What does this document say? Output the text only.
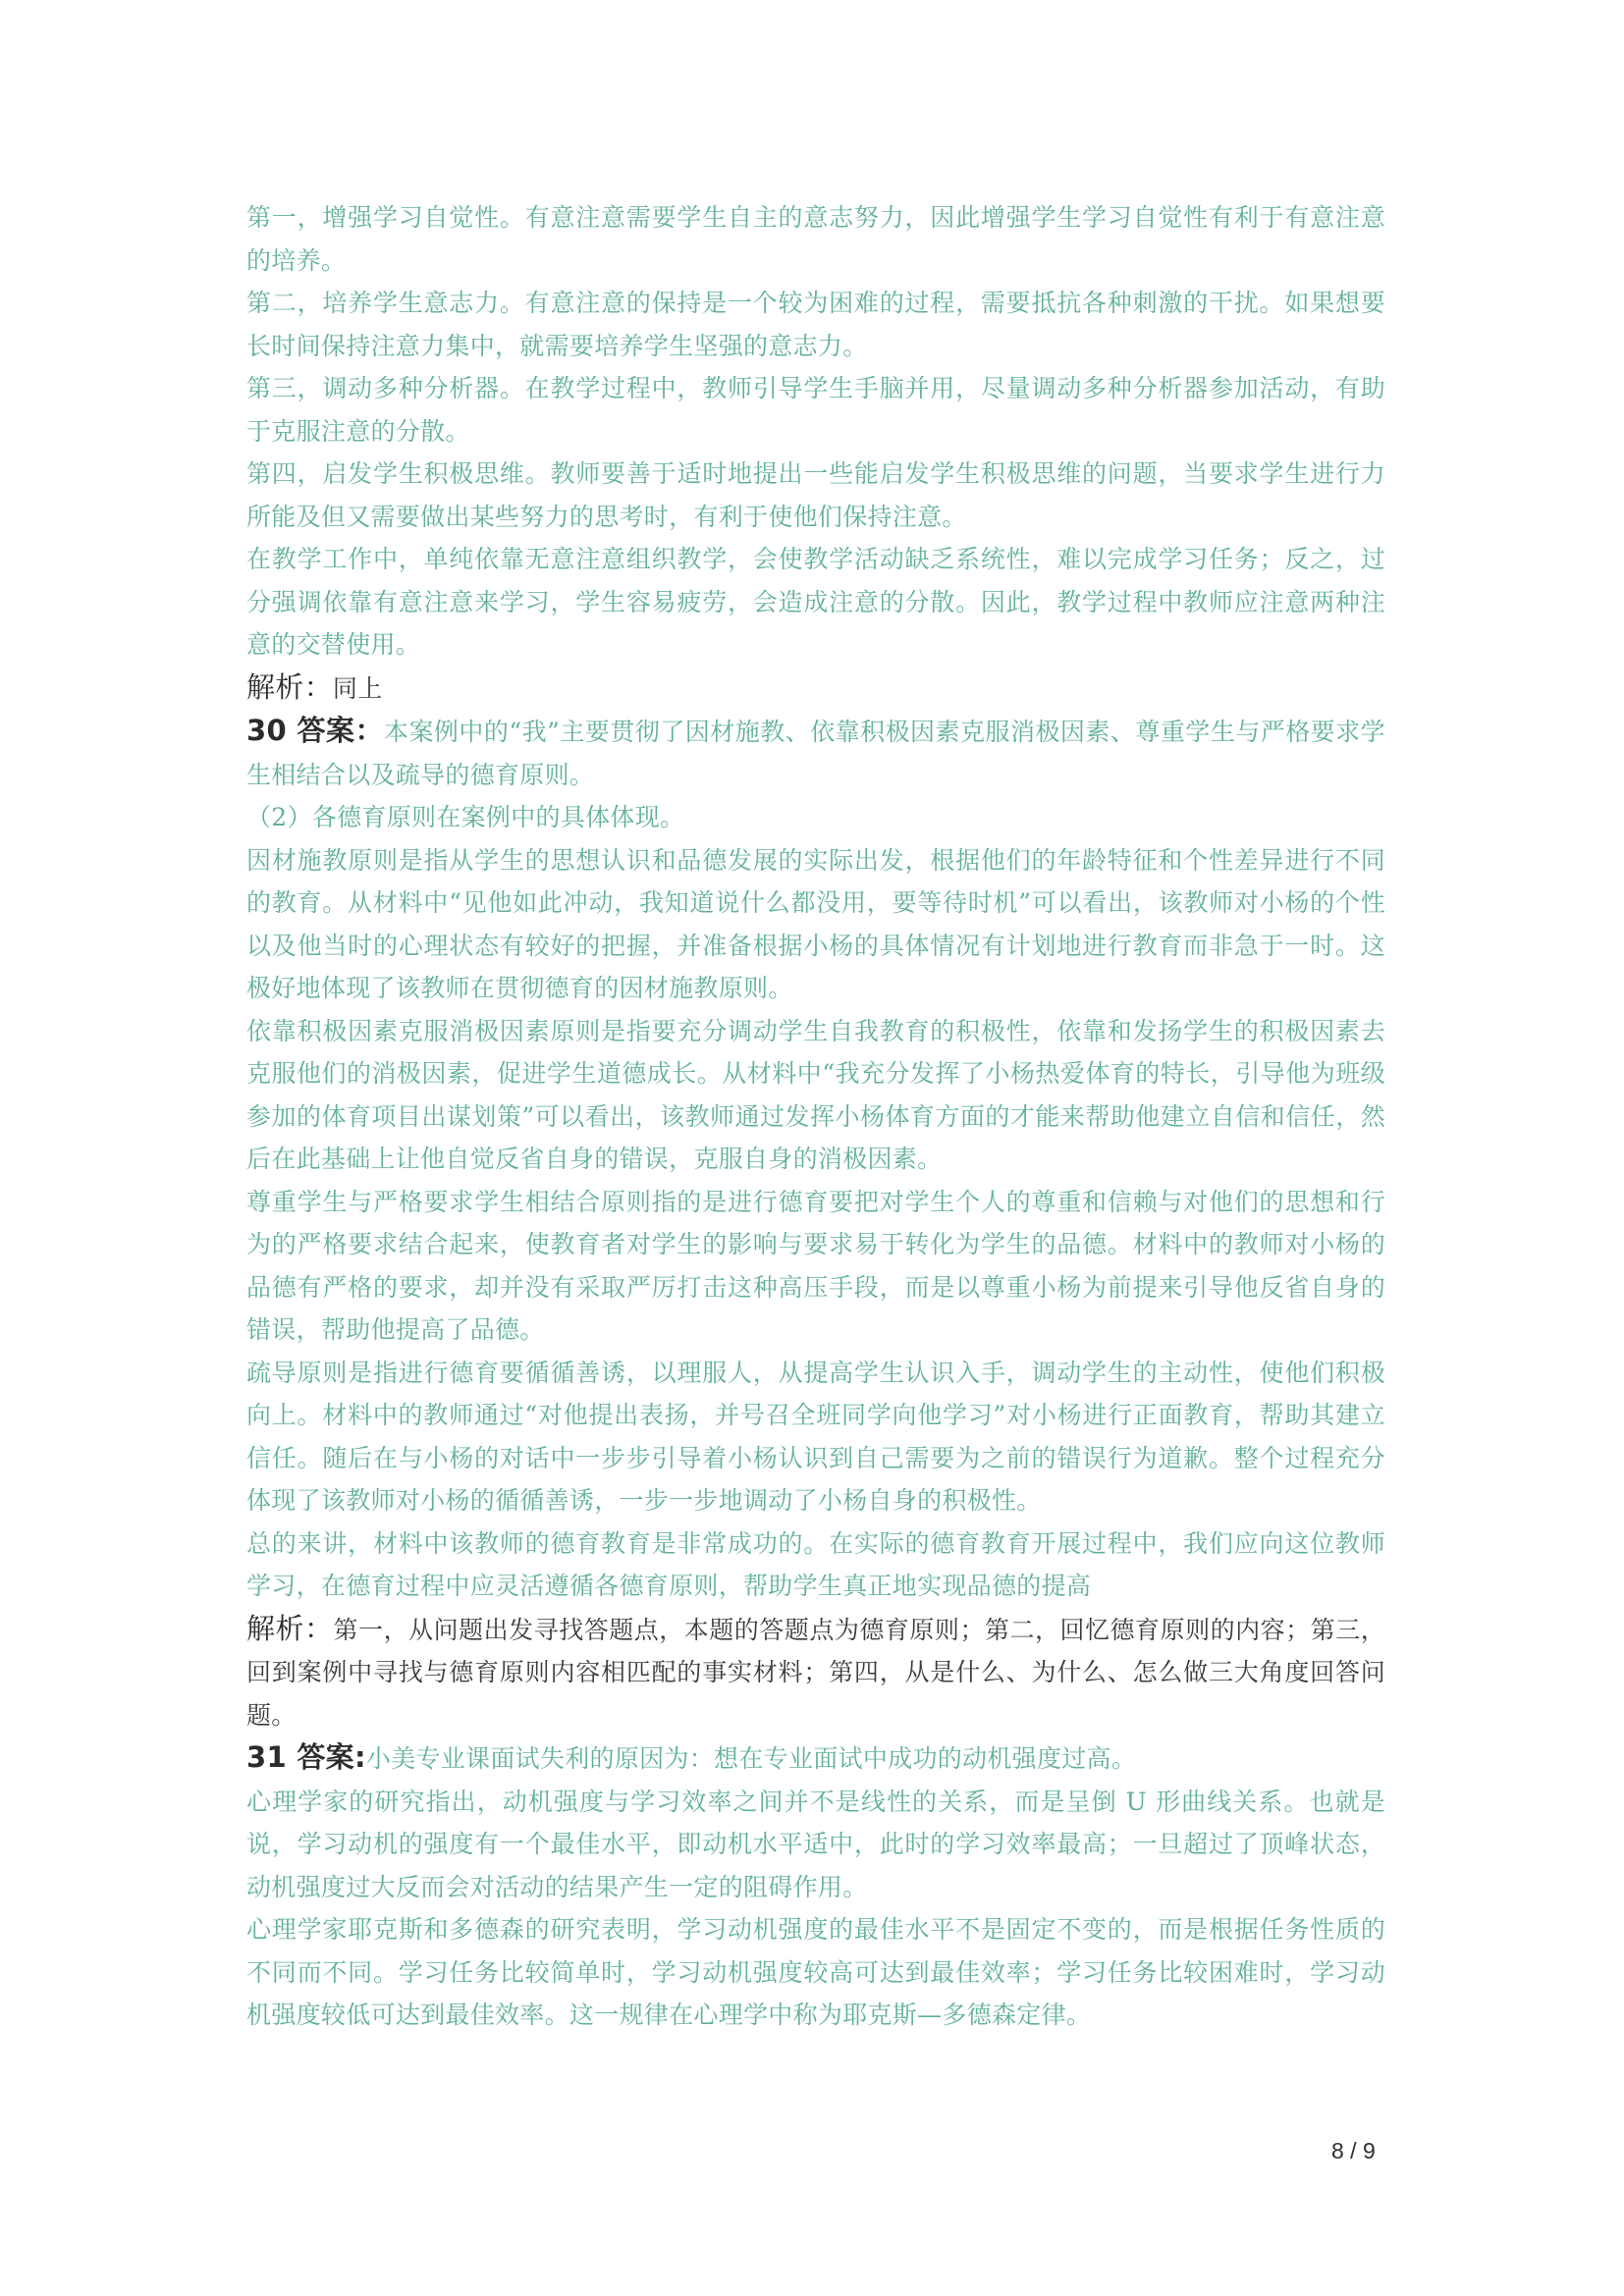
第一，增强学习自觉性。有意注意需要学生自主的意志努力，因此增强学生学习自觉性有利于有意注意的培养。

第二，培养学生意志力。有意注意的保持是一个较为困难的过程，需要抵抗各种刺激的干扰。如果想要长时间保持注意力集中，就需要培养学生坚强的意志力。

第三，调动多种分析器。在教学过程中，教师引导学生手脑并用，尽量调动多种分析器参加活动，有助于克服注意的分散。

第四，启发学生积极思维。教师要善于适时地提出一些能启发学生积极思维的问题，当要求学生进行力所能及但又需要做出某些努力的思考时，有利于使他们保持注意。

在教学工作中，单纯依靠无意注意组织教学，会使教学活动缺乏系统性，难以完成学习任务；反之，过分强调依靠有意注意来学习，学生容易疲劳，会造成注意的分散。因此，教学过程中教师应注意两种注意的交替使用。

解析：同上

30 答案：本案例中的“我”主要贯彻了因材施教、依靠积极因素克服消极因素、尊重学生与严格要求学生相结合以及疏导的德育原则。

（2）各德育原则在案例中的具体体现。

因材施教原则是指从学生的思想认识和品德发展的实际出发，根据他们的年龄特征和个性差异进行不同的教育。从材料中“见他如此冲动，我知道说什么都没用，要等待时机”可以看出，该教师对小杨的个性以及他当时的心理状态有较好的把握，并准备根据小杨的具体情况有计划地进行教育而非急于一时。这极好地体现了该教师在贯彻德育的因材施教原则。

依靠积极因素克服消极因素原则是指要充分调动学生自我教育的积极性，依靠和发扬学生的积极因素去克服他们的消极因素，促进学生道德成长。从材料中“我充分发挥了小杨热爱体育的特长，引导他为班级参加的体育项目出谋划策”可以看出，该教师通过发挥小杨体育方面的才能来帮助他建立自信和信任，然后在此基础上让他自觉反省自身的错误，克服自身的消极因素。

尊重学生与严格要求学生相结合原则指的是进行德育要把对学生个人的尊重和信赖与对他们的思想和行为的严格要求结合起来，使教育者对学生的影响与要求易于转化为学生的品德。材料中的教师对小杨的品德有严格的要求，却并没有采取严厉打击这种高压手段，而是以尊重小杨为前提来引导他反省自身的错误，帮助他提高了品德。

疏导原则是指进行德育要循循善诱，以理服人，从提高学生认识入手，调动学生的主动性，使他们积极向上。材料中的教师通过“对他提出表扬，并号召全班同学向他学习”对小杨进行正面教育，帮助其建立信任。随后在与小杨的对话中一步步引导着小杨认识到自己需要为之前的错误行为道歉。整个过程充分体现了该教师对小杨的循循善诱，一步一步地调动了小杨自身的积极性。

总的来讲，材料中该教师的德育教育是非常成功的。在实际的德育教育开展过程中，我们应向这位教师学习，在德育过程中应灵活遵循各德育原则，帮助学生真正地实现品德的提高

解析：第一，从问题出发寻找答题点，本题的答题点为德育原则；第二，回忆德育原则的内容；第三，回到案例中寻找与德育原则内容相匹配的事实材料；第四，从是什么、为什么、怎么做三大角度回答问题。

31 答案:小美专业课面试失利的原因为：想在专业面试中成功的动机强度过高。

心理学家的研究指出，动机强度与学习效率之间并不是线性的关系，而是呈倒 U 形曲线关系。也就是说，学习动机的强度有一个最佳水平，即动机水平适中，此时的学习效率最高；一旦超过了顶峰状态，动机强度过大反而会对活动的结果产生一定的阻碍作用。

心理学家耶克斯和多德森的研究表明，学习动机强度的最佳水平不是固定不变的，而是根据任务性质的不同而不同。学习任务比较简单时，学习动机强度较高可达到最佳效率；学习任务比较困难时，学习动机强度较低可达到最佳效率。这一规律在心理学中称为耶克斯—多德森定律。

8 / 9
